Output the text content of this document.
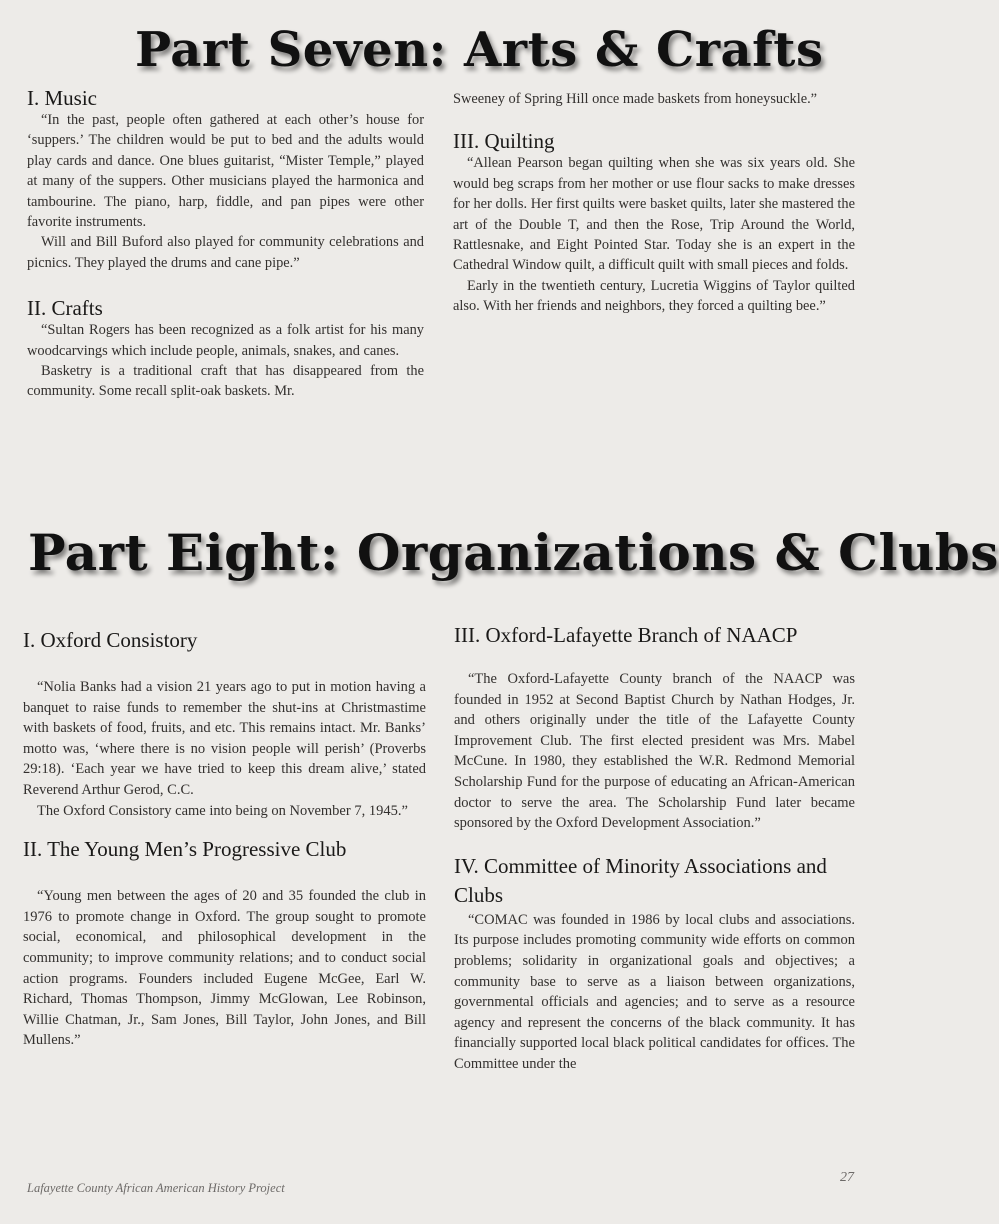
Part Seven: Arts & Crafts
I. Music

“In the past, people often gathered at each other’s house for ‘suppers.’ The children would be put to bed and the adults would play cards and dance. One blues guitarist, “Mister Temple,” played at many of the suppers. Other musicians played the harmonica and tambourine. The piano, harp, fiddle, and pan pipes were other favorite instruments.

Will and Bill Buford also played for community celebrations and picnics. They played the drums and cane pipe.”

II. Crafts

“Sultan Rogers has been recognized as a folk artist for his many woodcarvings which include people, animals, snakes, and canes.

Basketry is a traditional craft that has disappeared from the community. Some recall split-oak baskets. Mr.

Sweeney of Spring Hill once made baskets from honeysuckle.”

III. Quilting

“Allean Pearson began quilting when she was six years old. She would beg scraps from her mother or use flour sacks to make dresses for her dolls. Her first quilts were basket quilts, later she mastered the art of the Double T, and then the Rose, Trip Around the World, Rattlesnake, and Eight Pointed Star. Today she is an expert in the Cathedral Window quilt, a difficult quilt with small pieces and folds.

Early in the twentieth century, Lucretia Wiggins of Taylor quilted also. With her friends and neighbors, they forced a quilting bee.”

Part Eight: Organizations & Clubs
I. Oxford Consistory

“Nolia Banks had a vision 21 years ago to put in motion having a banquet to raise funds to remember the shut-ins at Christmastime with baskets of food, fruits, and etc. This remains intact. Mr. Banks’ motto was, ‘where there is no vision people will perish’ (Proverbs 29:18). ‘Each year we have tried to keep this dream alive,’ stated Reverend Arthur Gerod, C.C.

The Oxford Consistory came into being on November 7, 1945.”

II. The Young Men’s Progressive Club

“Young men between the ages of 20 and 35 founded the club in 1976 to promote change in Oxford. The group sought to promote social, economical, and philosophical development in the community; to improve community relations; and to conduct social action programs. Founders included Eugene McGee, Earl W. Richard, Thomas Thompson, Jimmy McGlowan, Lee Robinson, Willie Chatman, Jr., Sam Jones, Bill Taylor, John Jones, and Bill Mullens.”

III. Oxford-Lafayette Branch of NAACP

“The Oxford-Lafayette County branch of the NAACP was founded in 1952 at Second Baptist Church by Nathan Hodges, Jr. and others originally under the title of the Lafayette County Improvement Club. The first elected president was Mrs. Mabel McCune. In 1980, they established the W.R. Redmond Memorial Scholarship Fund for the purpose of educating an African-American doctor to serve the area. The Scholarship Fund later became sponsored by the Oxford Development Association.”

IV. Committee of Minority Associations and Clubs

“COMAC was founded in 1986 by local clubs and associations. Its purpose includes promoting community wide efforts on common problems; solidarity in organizational goals and objectives; a community base to serve as a liaison between organizations, governmental officials and agencies; and to serve as a resource agency and represent the concerns of the black community. It has financially supported local black political candidates for offices. The Committee under the

Lafayette County African American History Project
27
